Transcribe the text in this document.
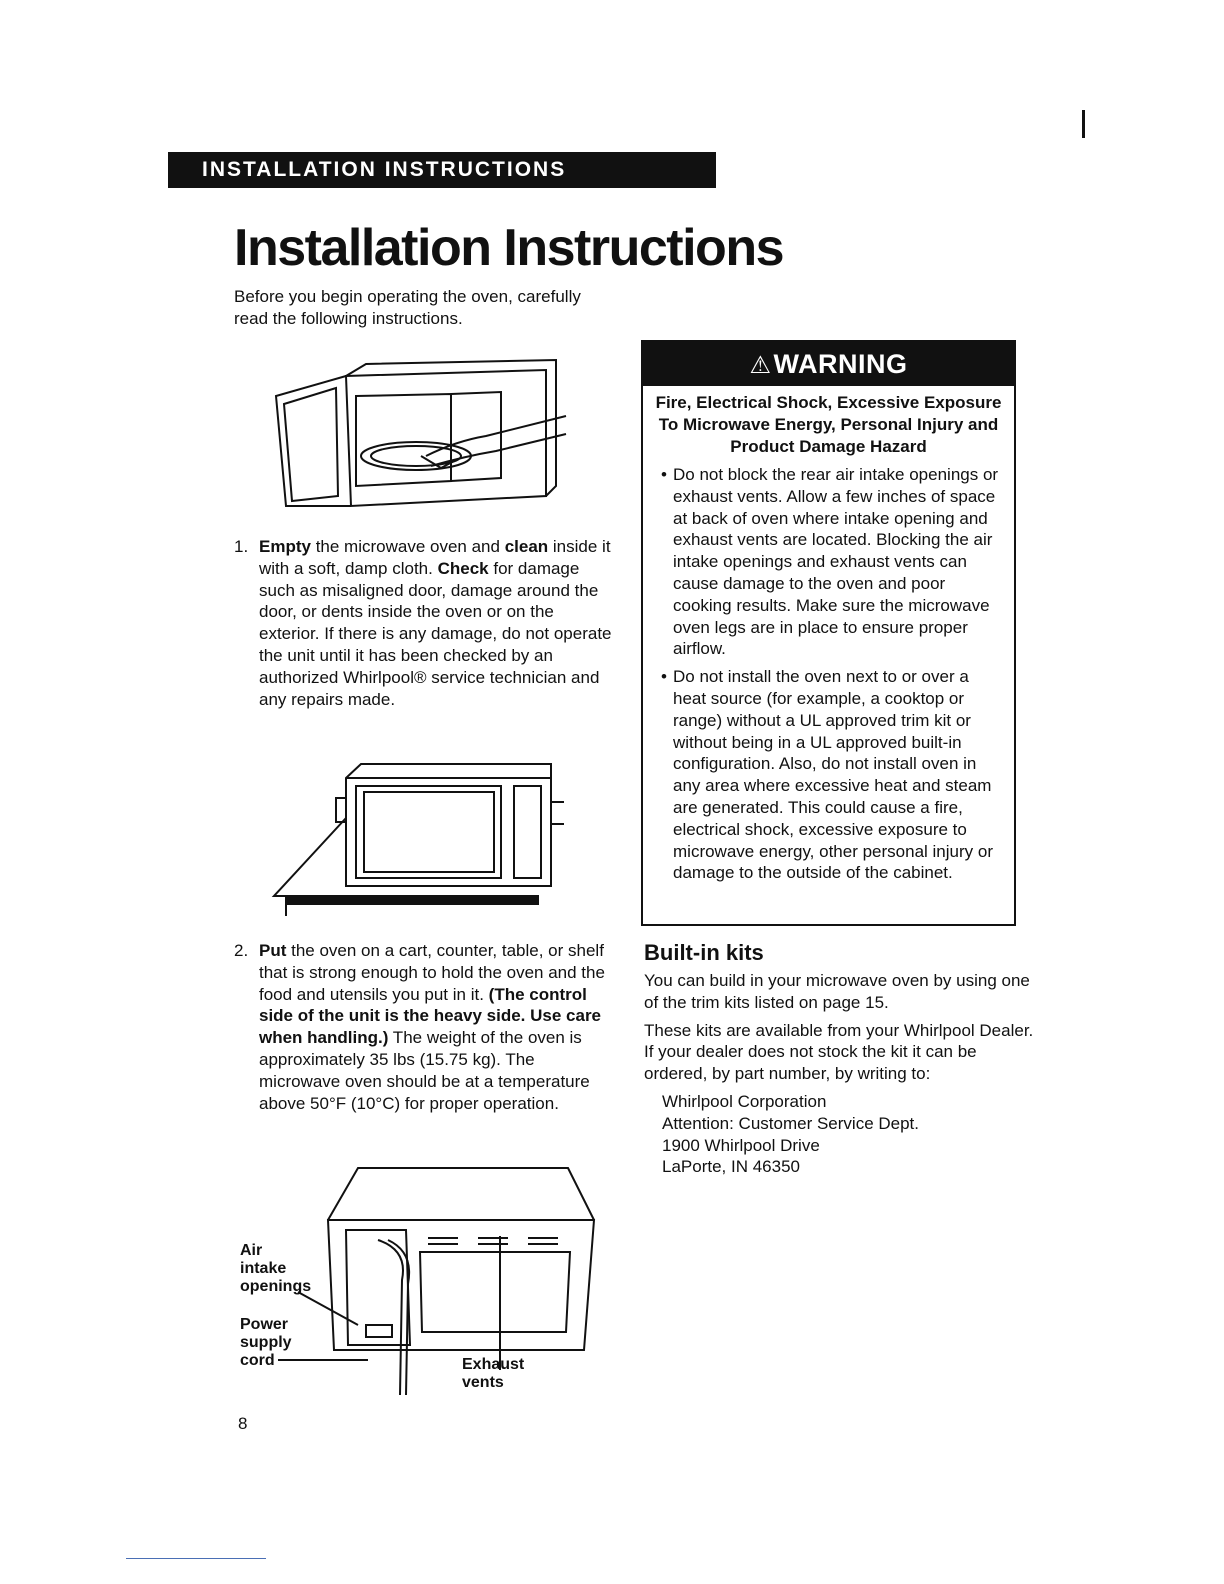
INSTALLATION INSTRUCTIONS
Installation Instructions
Before you begin operating the oven, carefully read the following instructions.
1. Empty the microwave oven and clean inside it with a soft, damp cloth. Check for damage such as misaligned door, damage around the door, or dents inside the oven or on the exterior. If there is any damage, do not operate the unit until it has been checked by an authorized Whirlpool® service technician and any repairs made.
2. Put the oven on a cart, counter, table, or shelf that is strong enough to hold the oven and the food and utensils you put in it. (The control side of the unit is the heavy side. Use care when handling.) The weight of the oven is approximately 35 lbs (15.75 kg). The microwave oven should be at a temperature above 50°F (10°C) for proper operation.
Air
intake
openings
Power
supply
cord	Exhaust
vents
⚠WARNING
Fire, Electrical Shock, Excessive Exposure To Microwave Energy, Personal Injury and Product Damage Hazard
• Do not block the rear air intake openings or exhaust vents. Allow a few inches of space at back of oven where intake opening and exhaust vents are located. Blocking the air intake openings and exhaust vents can cause damage to the oven and poor cooking results. Make sure the microwave oven legs are in place to ensure proper airflow.
• Do not install the oven next to or over a heat source (for example, a cooktop or range) without a UL approved trim kit or without being in a UL approved built-in configuration. Also, do not install oven in any area where excessive heat and steam are generated. This could cause a fire, electrical shock, excessive exposure to microwave energy, other personal injury or damage to the outside of the cabinet.
Built-in kits

You can build in your microwave oven by using one of the trim kits listed on page 15.

These kits are available from your Whirlpool Dealer. If your dealer does not stock the kit it can be ordered, by part number, by writing to:

Whirlpool Corporation
Attention: Customer Service Dept.
1900 Whirlpool Drive
LaPorte, IN 46350
8
